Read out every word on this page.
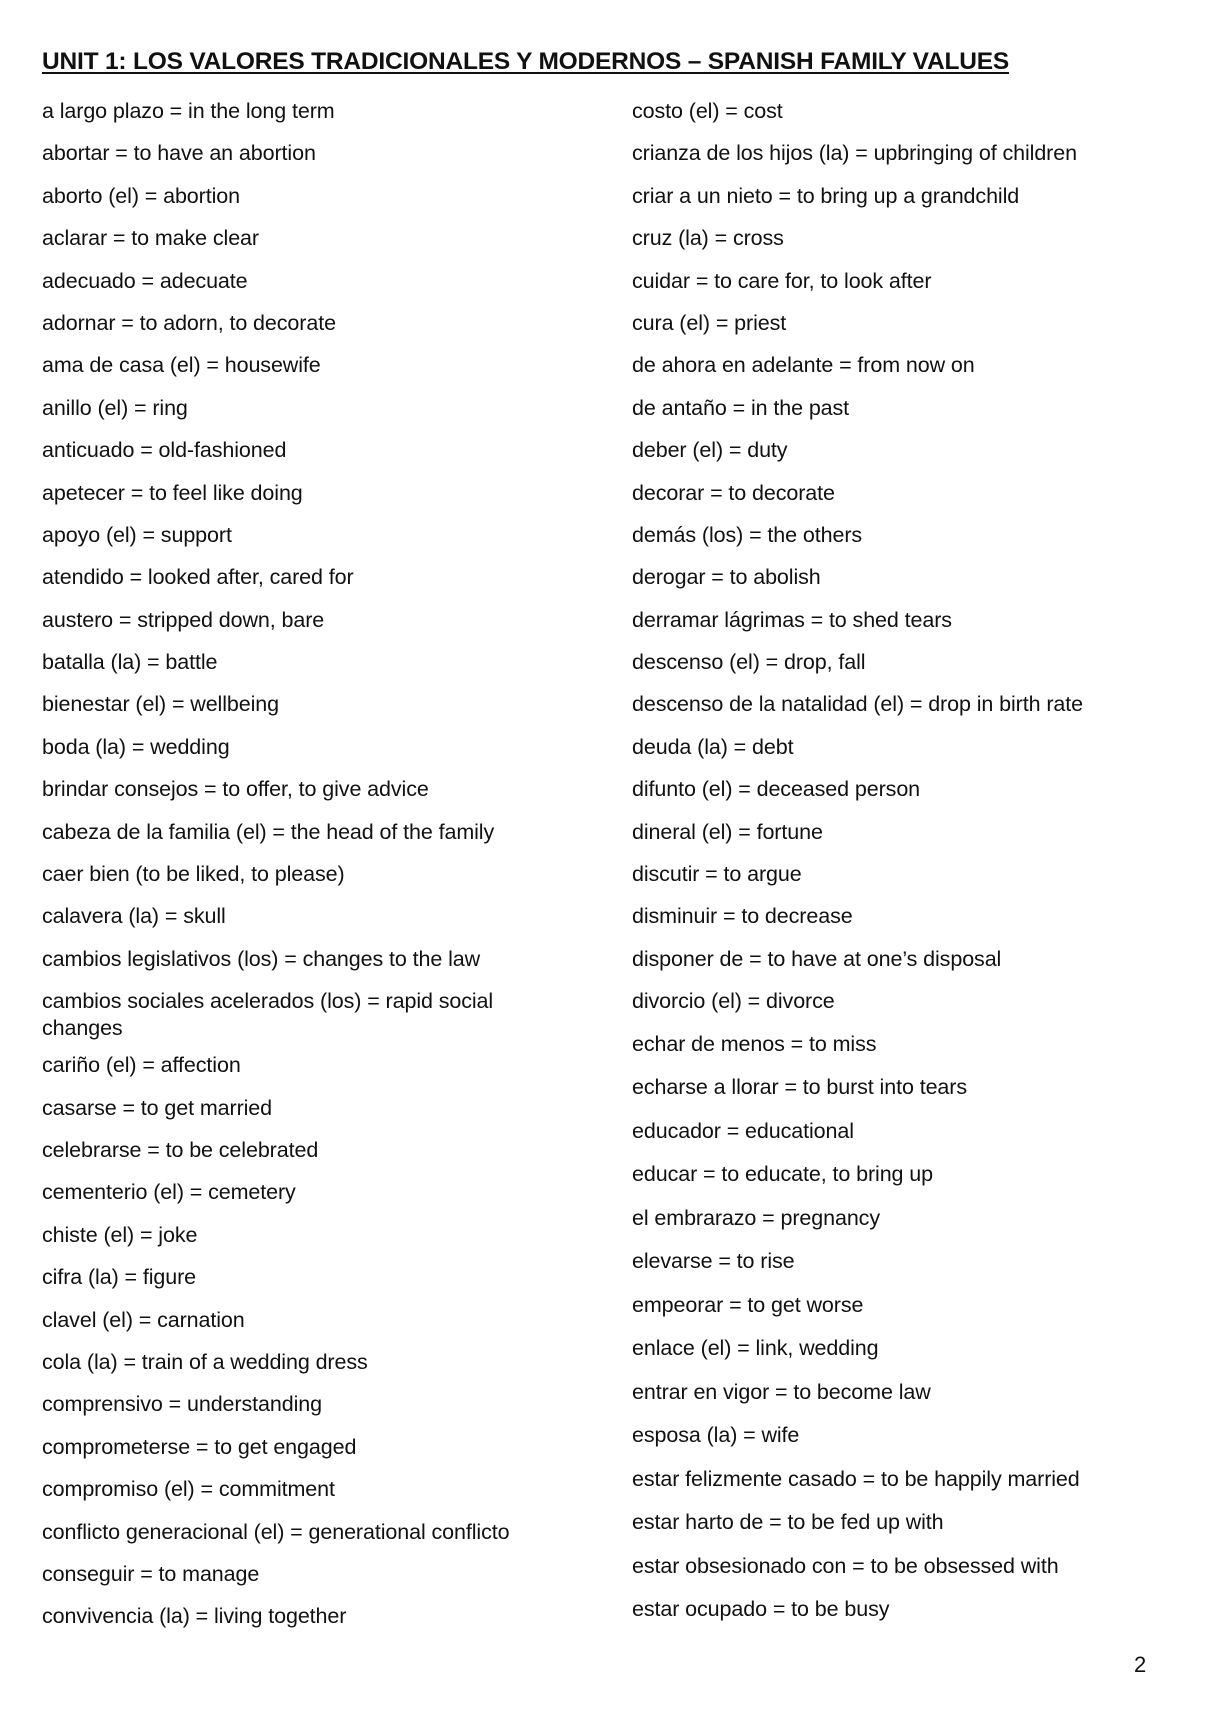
UNIT 1: LOS VALORES TRADICIONALES Y MODERNOS – SPANISH FAMILY VALUES
a largo plazo = in the long term
abortar = to have an abortion
aborto (el) = abortion
aclarar = to make clear
adecuado = adecuate
adornar = to adorn, to decorate
ama de casa (el) = housewife
anillo (el) = ring
anticuado = old-fashioned
apetecer = to feel like doing
apoyo (el) = support
atendido = looked after, cared for
austero = stripped down, bare
batalla (la) = battle
bienestar (el) = wellbeing
boda (la) = wedding
brindar consejos = to offer, to give advice
cabeza de la familia (el) = the head of the family
caer bien (to be liked, to please)
calavera (la) = skull
cambios legislativos (los) = changes to the law
cambios sociales acelerados (los) = rapid social changes
cariño (el) = affection
casarse = to get married
celebrarse = to be celebrated
cementerio (el) = cemetery
chiste (el) = joke
cifra (la) = figure
clavel (el) = carnation
cola (la) = train of a wedding dress
comprensivo = understanding
comprometerse = to get engaged
compromiso (el) = commitment
conflicto generacional (el) = generational conflicto
conseguir = to manage
convivencia (la) = living together
costo (el) = cost
crianza de los hijos (la) = upbringing of children
criar a un nieto = to bring up a grandchild
cruz (la) = cross
cuidar = to care for, to look after
cura (el) = priest
de ahora en adelante = from now on
de antaño = in the past
deber (el) = duty
decorar = to decorate
demás (los) = the others
derogar = to abolish
derramar lágrimas = to shed tears
descenso (el) = drop, fall
descenso de la natalidad (el) = drop in birth rate
deuda (la) = debt
difunto (el) = deceased person
dineral (el) = fortune
discutir = to argue
disminuir = to decrease
disponer de = to have at one’s disposal
divorcio (el) = divorce
echar de menos = to miss
echarse a llorar = to burst into tears
educador = educational
educar = to educate, to bring up
el embrarazo = pregnancy
elevarse = to rise
empeorar = to get worse
enlace (el) = link, wedding
entrar en vigor = to become law
esposa (la) = wife
estar felizmente casado = to be happily married
estar harto de = to be fed up with
estar obsesionado con = to be obsessed with
estar ocupado = to be busy
2
